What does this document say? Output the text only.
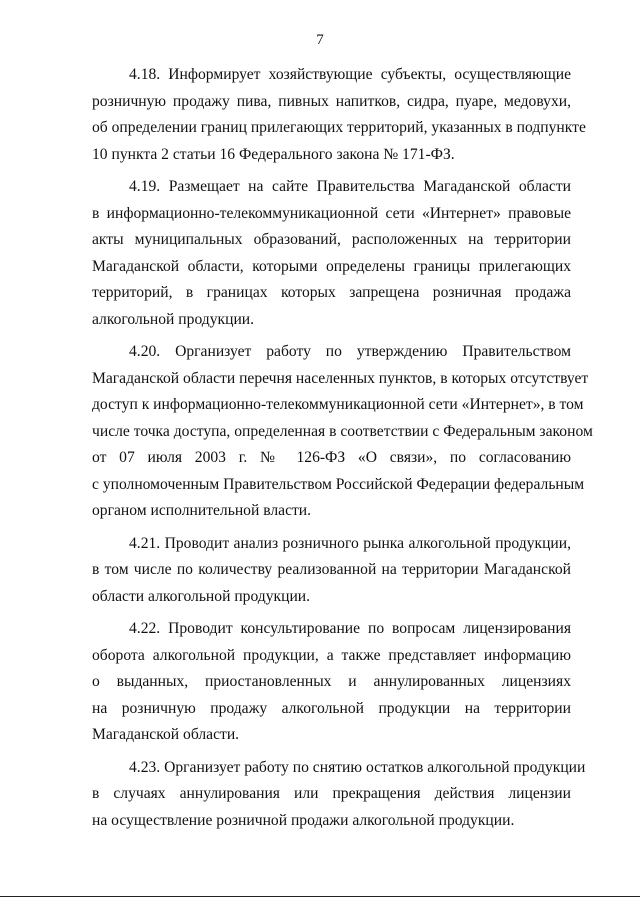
7

4.18. Информирует хозяйствующие субъекты, осуществляющие
розничную продажу пива, пивных напитков, сидра, пуаре, медовухи,
об определении границ прилегающих территорий, указанных в подпункте
10 пункта 2 статьи 16 Федерального закона № 171-ФЗ.

4.19. Размещает на сайте Правительства Магаданской области
в информационно-телекоммуникационной сети «Интернет» правовые
акты муниципальных образований, расположенных на территории
Магаданской области, которыми определены границы прилегающих
территорий, в границах которых запрещена розничная продажа
алкогольной продукции.

4.20. Организует работу по утверждению Правительством
Магаданской области перечня населенных пунктов, в которых отсутствует
доступ к информационно-телекоммуникационной сети «Интернет», в том
числе точка доступа, определенная в соответствии с Федеральным законом
от 07 июля 2003 г. № 126-ФЗ «О связи», по согласованию
с уполномоченным Правительством Российской Федерации федеральным
органом исполнительной власти.

4.21. Проводит анализ розничного рынка алкогольной продукции,
в том числе по количеству реализованной на территории Магаданской
области алкогольной продукции.

4.22. Проводит консультирование по вопросам лицензирования
оборота алкогольной продукции, а также представляет информацию
о выданных, приостановленных и аннулированных лицензиях
на розничную продажу алкогольной продукции на территории
Магаданской области.

4.23. Организует работу по снятию остатков алкогольной продукции
в случаях аннулирования или прекращения действия лицензии
на осуществление розничной продажи алкогольной продукции.
